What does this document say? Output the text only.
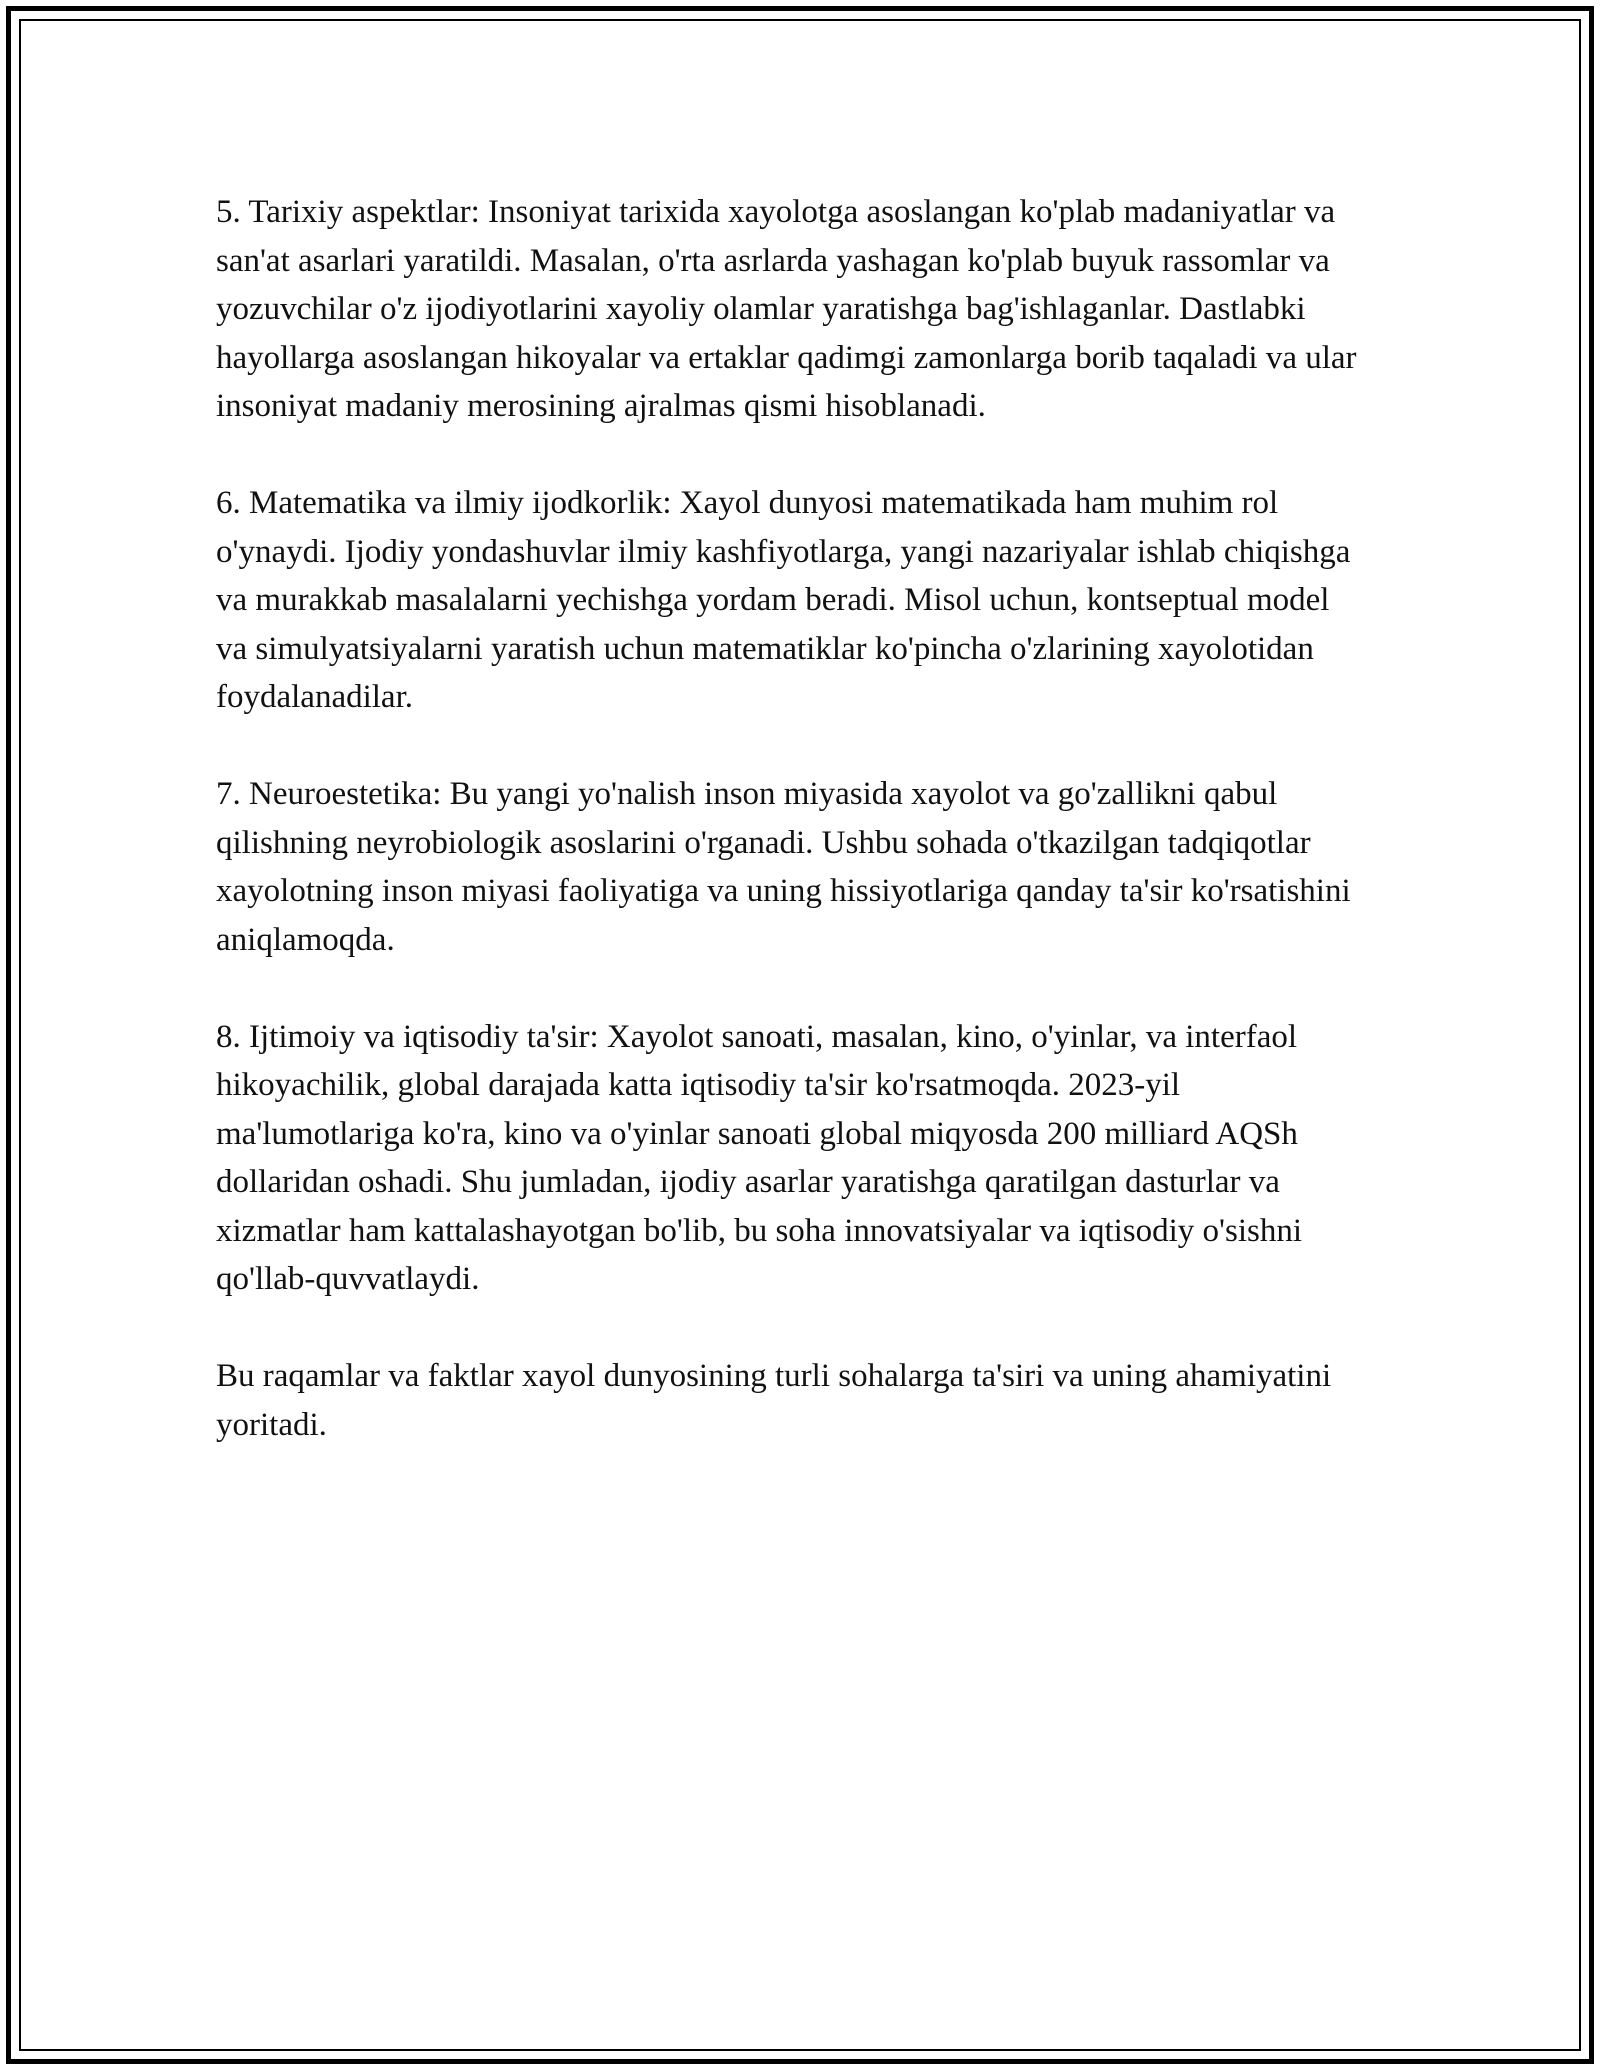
5. Tarixiy aspektlar: Insoniyat tarixida xayolotga asoslangan ko'plab madaniyatlar va san'at asarlari yaratildi. Masalan, o'rta asrlarda yashagan ko'plab buyuk rassomlar va yozuvchilar o'z ijodiyotlarini xayoliy olamlar yaratishga bag'ishlaganlar. Dastlabki hayollarga asoslangan hikoyalar va ertaklar qadimgi zamonlarga borib taqaladi va ular insoniyat madaniy merosining ajralmas qismi hisoblanadi.

6. Matematika va ilmiy ijodkorlik: Xayol dunyosi matematikada ham muhim rol o'ynaydi. Ijodiy yondashuvlar ilmiy kashfiyotlarga, yangi nazariyalar ishlab chiqishga va murakkab masalalarni yechishga yordam beradi. Misol uchun, kontseptual model va simulyatsiyalarni yaratish uchun matematiklar ko'pincha o'zlarining xayolotidan foydalanadilar.

7. Neuroestetika: Bu yangi yo'nalish inson miyasida xayolot va go'zallikni qabul qilishning neyrobiologik asoslarini o'rganadi. Ushbu sohada o'tkazilgan tadqiqotlar xayolotning inson miyasi faoliyatiga va uning hissiyotlariga qanday ta'sir ko'rsatishini aniqlamoqda.

8. Ijtimoiy va iqtisodiy ta'sir: Xayolot sanoati, masalan, kino, o'yinlar, va interfaol hikoyachilik, global darajada katta iqtisodiy ta'sir ko'rsatmoqda. 2023-yil ma'lumotlariga ko'ra, kino va o'yinlar sanoati global miqyosda 200 milliard AQSh dollaridan oshadi. Shu jumladan, ijodiy asarlar yaratishga qaratilgan dasturlar va xizmatlar ham kattalashayotgan bo'lib, bu soha innovatsiyalar va iqtisodiy o'sishni qo'llab-quvvatlaydi.

Bu raqamlar va faktlar xayol dunyosining turli sohalarga ta'siri va uning ahamiyatini yoritadi.
